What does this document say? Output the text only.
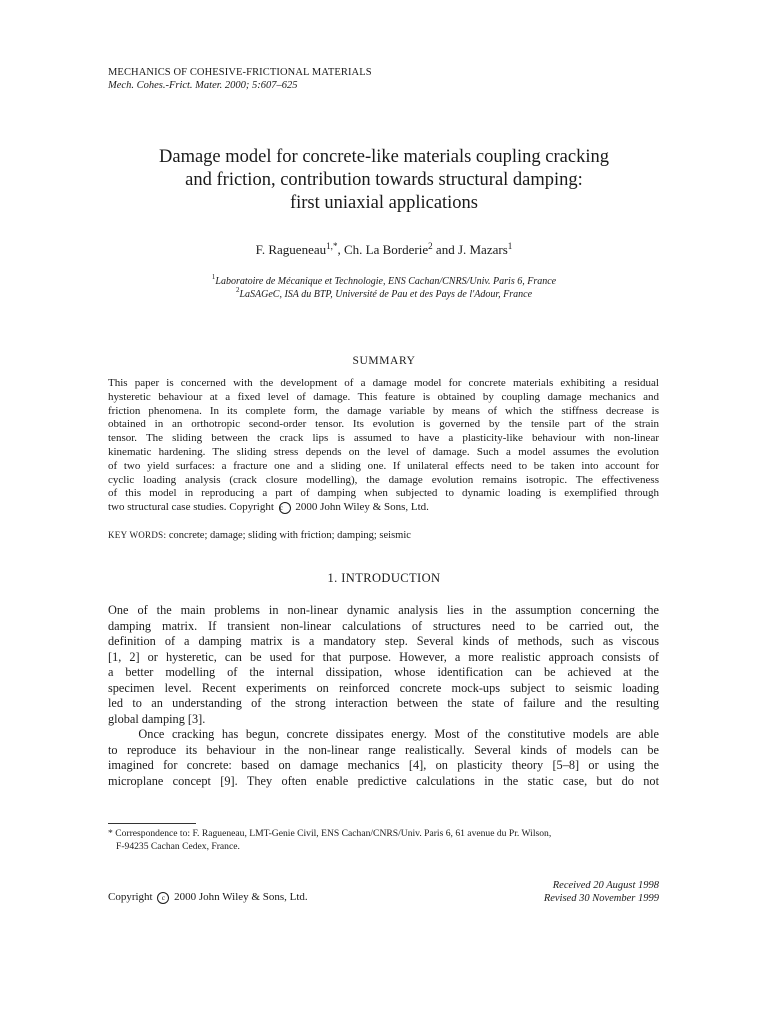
MECHANICS OF COHESIVE-FRICTIONAL MATERIALS
Mech. Cohes.-Frict. Mater. 2000; 5:607–625
Damage model for concrete-like materials coupling cracking
and friction, contribution towards structural damping:
first uniaxial applications
F. Ragueneau$^{1,*}$, Ch. La Borderie$^2$ and J. Mazars$^1$
$^1$Laboratoire de Mécanique et Technologie, ENS Cachan/CNRS/Univ. Paris 6, France
$^2$LaSAGeC, ISA du BTP, Université de Pau et des Pays de l'Adour, France
SUMMARY
This paper is concerned with the development of a damage model for concrete materials exhibiting a residual
hysteretic behaviour at a fixed level of damage. This feature is obtained by coupling damage mechanics and
friction phenomena. In its complete form, the damage variable by means of which the stiffness decrease is
obtained in an orthotropic second-order tensor. Its evolution is governed by the tensile part of the strain
tensor. The sliding between the crack lips is assumed to have a plasticity-like behaviour with non-linear
kinematic hardening. The sliding stress depends on the level of damage. Such a model assumes the evolution
of two yield surfaces: a fracture one and a sliding one. If unilateral effects need to be taken into account for
cyclic loading analysis (crack closure modelling), the damage evolution remains isotropic. The effectiveness
of this model in reproducing a part of damping when subjected to dynamic loading is exemplified through
two structural case studies. Copyright c 2000 John Wiley & Sons, Ltd.
KEY WORDS: concrete; damage; sliding with friction; damping; seismic
1. INTRODUCTION
One of the main problems in non-linear dynamic analysis lies in the assumption concerning the
damping matrix. If transient non-linear calculations of structures need to be carried out, the
definition of a damping matrix is a mandatory step. Several kinds of methods, such as viscous
[1, 2] or hysteretic, can be used for that purpose. However, a more realistic approach consists of
a better modelling of the internal dissipation, whose identification can be achieved at the
specimen level. Recent experiments on reinforced concrete mock-ups subject to seismic loading
led to an understanding of the strong interaction between the state of failure and the resulting
global damping [3].
Once cracking has begun, concrete dissipates energy. Most of the constitutive models are able
to reproduce its behaviour in the non-linear range realistically. Several kinds of models can be
imagined for concrete: based on damage mechanics [4], on plasticity theory [5–8] or using the
microplane concept [9]. They often enable predictive calculations in the static case, but do not
* Correspondence to: F. Ragueneau, LMT-Genie Civil, ENS Cachan/CNRS/Univ. Paris 6, 61 avenue du Pr. Wilson,
F-94235 Cachan Cedex, France.
Copyright c 2000 John Wiley & Sons, Ltd.
Received 20 August 1998
Revised 30 November 1999
